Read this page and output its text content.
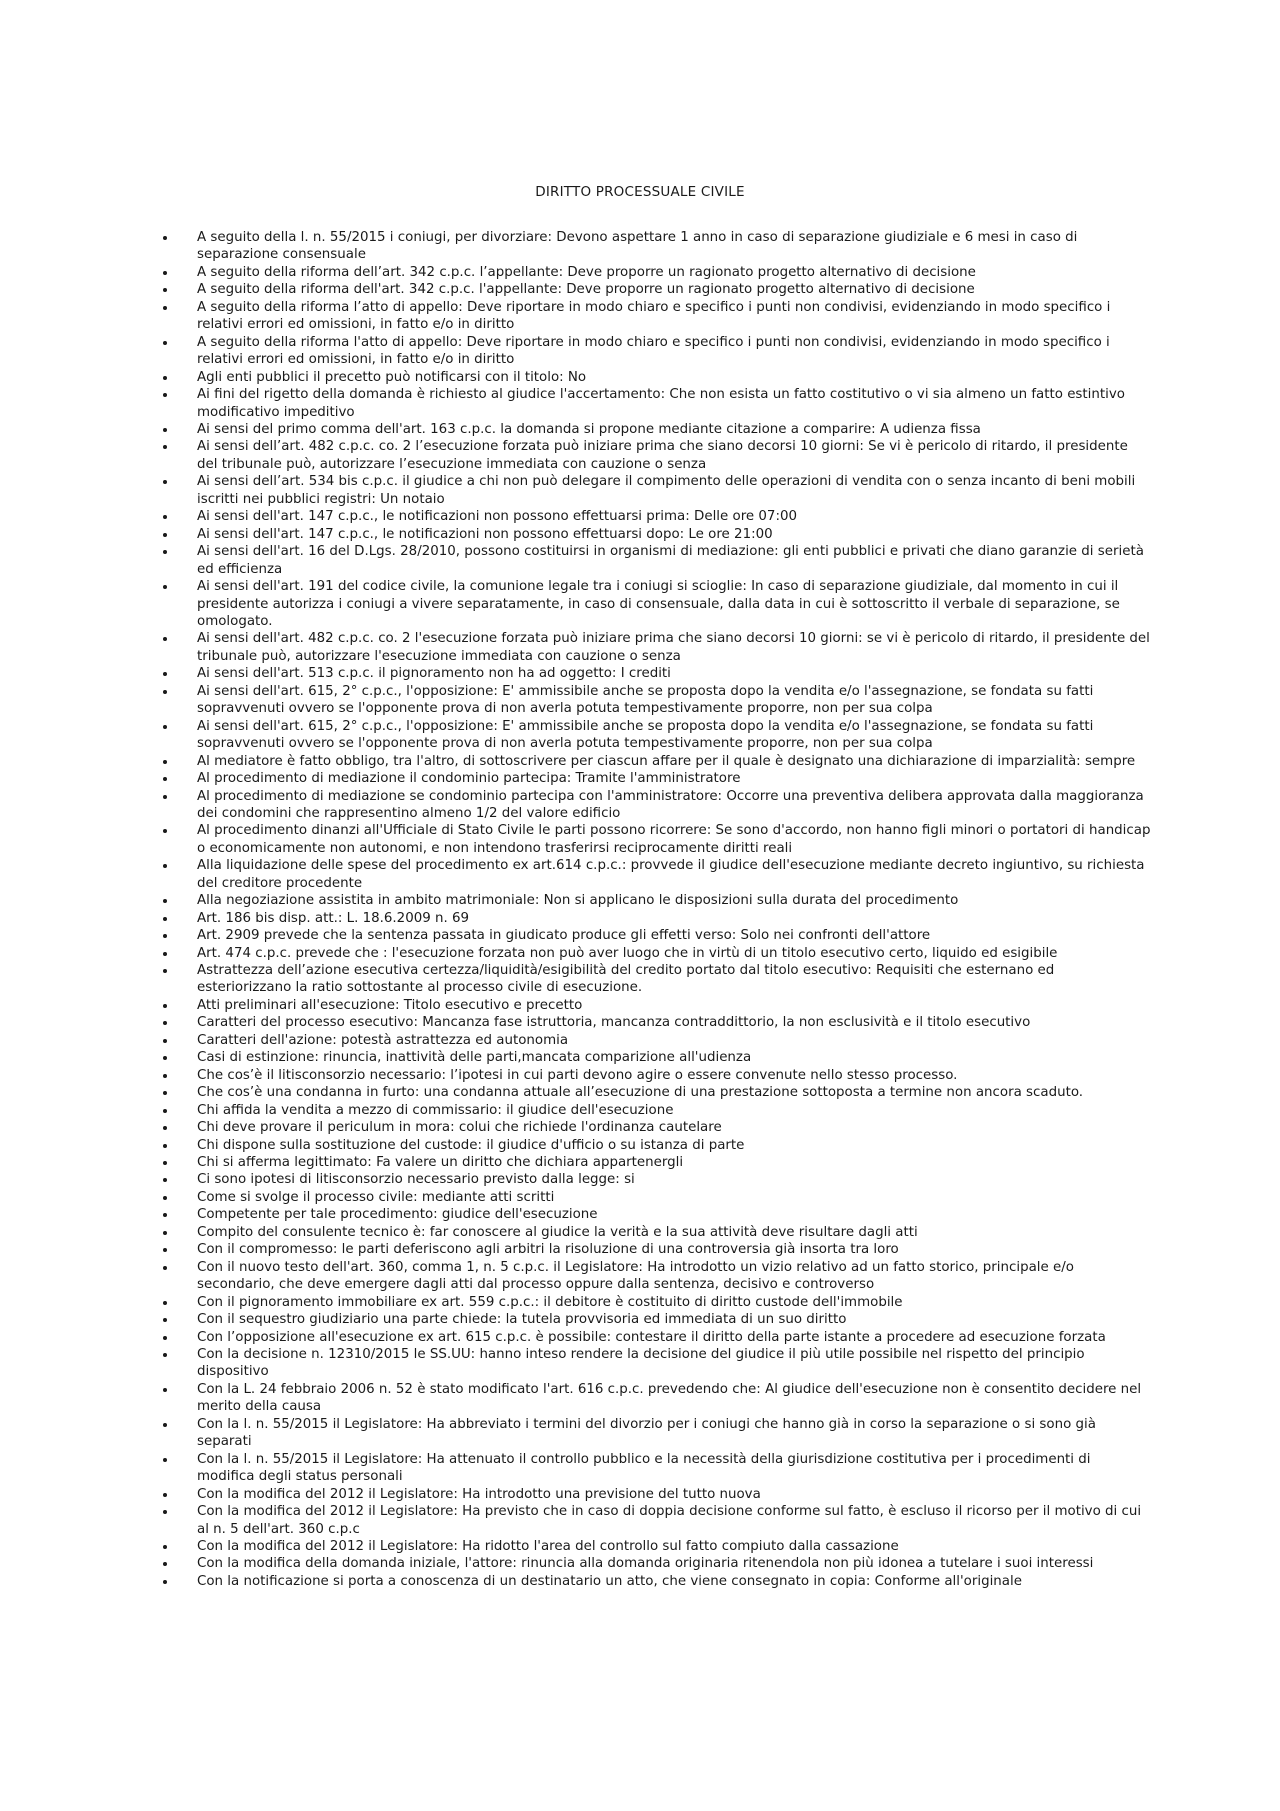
DIRITTO PROCESSUALE CIVILE
A seguito della l. n. 55/2015 i coniugi, per divorziare: Devono aspettare 1 anno in caso di separazione giudiziale e 6 mesi in caso di separazione consensuale
A seguito della riforma dell’art. 342 c.p.c. l’appellante: Deve proporre un ragionato progetto alternativo di decisione
A seguito della riforma dell'art. 342 c.p.c. l'appellante: Deve proporre un ragionato progetto alternativo di decisione
A seguito della riforma l’atto di appello: Deve riportare in modo chiaro e specifico i punti non condivisi, evidenziando in modo specifico i relativi errori ed omissioni, in fatto e/o in diritto
A seguito della riforma l'atto di appello: Deve riportare in modo chiaro e specifico i punti non condivisi, evidenziando in modo specifico i relativi errori ed omissioni, in fatto e/o in diritto
Agli enti pubblici il precetto può notificarsi con il titolo: No
Ai fini del rigetto della domanda è richiesto al giudice l'accertamento: Che non esista un fatto costitutivo o vi sia almeno un fatto estintivo modificativo impeditivo
Ai sensi del primo comma dell'art. 163 c.p.c. la domanda si propone mediante citazione a comparire: A udienza fissa
Ai sensi dell’art. 482 c.p.c. co. 2 l’esecuzione forzata può iniziare prima che siano decorsi 10 giorni: Se vi è pericolo di ritardo, il presidente del tribunale può, autorizzare l’esecuzione immediata con cauzione o senza
Ai sensi dell’art. 534 bis c.p.c. il giudice a chi non può delegare il compimento delle operazioni di vendita con o senza incanto di beni mobili iscritti nei pubblici registri: Un notaio
Ai sensi dell'art. 147 c.p.c., le notificazioni non possono effettuarsi prima: Delle ore 07:00
Ai sensi dell'art. 147 c.p.c., le notificazioni non possono effettuarsi dopo: Le ore 21:00
Ai sensi dell'art. 16 del D.Lgs. 28/2010, possono costituirsi in organismi di mediazione: gli enti pubblici e privati che diano garanzie di serietà ed efficienza
Ai sensi dell'art. 191 del codice civile, la comunione legale tra i coniugi si scioglie: In caso di separazione giudiziale, dal momento in cui il presidente autorizza i coniugi a vivere separatamente, in caso di consensuale, dalla data in cui è sottoscritto il verbale di separazione, se omologato.
Ai sensi dell'art. 482 c.p.c. co. 2 l'esecuzione forzata può iniziare prima che siano decorsi 10 giorni: se vi è pericolo di ritardo, il presidente del tribunale può, autorizzare l'esecuzione immediata con cauzione o senza
Ai sensi dell'art. 513 c.p.c. il pignoramento non ha ad oggetto: I crediti
Ai sensi dell'art. 615, 2° c.p.c., l'opposizione: E' ammissibile anche se proposta dopo la vendita e/o l'assegnazione, se fondata su fatti sopravvenuti ovvero se l'opponente prova di non averla potuta tempestivamente proporre, non per sua colpa
Ai sensi dell'art. 615, 2° c.p.c., l'opposizione: E' ammissibile anche se proposta dopo la vendita e/o l'assegnazione, se fondata su fatti sopravvenuti ovvero se l'opponente prova di non averla potuta tempestivamente proporre, non per sua colpa
Al mediatore è fatto obbligo, tra l'altro, di sottoscrivere per ciascun affare per il quale è designato una dichiarazione di imparzialità: sempre
Al procedimento di mediazione il condominio partecipa: Tramite l'amministratore
Al procedimento di mediazione se condominio partecipa con l'amministratore: Occorre una preventiva delibera approvata dalla maggioranza dei condomini che rappresentino almeno 1/2 del valore edificio
Al procedimento dinanzi all'Ufficiale di Stato Civile le parti possono ricorrere: Se sono d'accordo, non hanno figli minori o portatori di handicap o economicamente non autonomi, e non intendono trasferirsi reciprocamente diritti reali
Alla liquidazione delle spese del procedimento ex art.614 c.p.c.: provvede il giudice dell'esecuzione mediante decreto ingiuntivo, su richiesta del creditore procedente
Alla negoziazione assistita in ambito matrimoniale: Non si applicano le disposizioni sulla durata del procedimento
Art. 186 bis disp. att.: L. 18.6.2009 n. 69
Art. 2909 prevede che la sentenza passata in giudicato produce gli effetti verso: Solo nei confronti dell'attore
Art. 474 c.p.c. prevede che : l'esecuzione forzata non può aver luogo che in virtù di un titolo esecutivo certo, liquido ed esigibile
Astrattezza dell’azione esecutiva certezza/liquidità/esigibilità del credito portato dal titolo esecutivo: Requisiti che esternano ed esteriorizzano la ratio sottostante al processo civile di esecuzione.
Atti preliminari all'esecuzione: Titolo esecutivo e precetto
Caratteri del processo esecutivo: Mancanza fase istruttoria, mancanza contraddittorio, la non esclusività e il titolo esecutivo
Caratteri dell'azione: potestà astrattezza ed autonomia
Casi di estinzione: rinuncia, inattività delle parti,mancata comparizione all'udienza
Che cos’è il litisconsorzio necessario: l’ipotesi in cui parti devono agire o essere convenute nello stesso processo.
Che cos’è una condanna in furto: una condanna attuale all’esecuzione di una prestazione sottoposta a termine non ancora scaduto.
Chi affida la vendita a mezzo di commissario: il giudice dell'esecuzione
Chi deve provare il periculum in mora: colui che richiede l'ordinanza cautelare
Chi dispone sulla sostituzione del custode: il giudice d'ufficio o su istanza di parte
Chi si afferma legittimato: Fa valere un diritto che dichiara appartenergli
Ci sono ipotesi di litisconsorzio necessario previsto dalla legge: si
Come si svolge il processo civile: mediante atti scritti
Competente per tale procedimento: giudice dell'esecuzione
Compito del consulente tecnico è: far conoscere al giudice la verità e la sua attività deve risultare dagli atti
Con il compromesso: le parti deferiscono agli arbitri la risoluzione di una controversia già insorta tra loro
Con il nuovo testo dell'art. 360, comma 1, n. 5 c.p.c. il Legislatore: Ha introdotto un vizio relativo ad un fatto storico, principale e/o secondario, che deve emergere dagli atti dal processo oppure dalla sentenza, decisivo e controverso
Con il pignoramento immobiliare ex art. 559 c.p.c.: il debitore è costituito di diritto custode dell'immobile
Con il sequestro giudiziario una parte chiede: la tutela provvisoria ed immediata di un suo diritto
Con l’opposizione all'esecuzione ex art. 615 c.p.c. è possibile: contestare il diritto della parte istante a procedere ad esecuzione forzata
Con la decisione n. 12310/2015 le SS.UU: hanno inteso rendere la decisione del giudice il più utile possibile nel rispetto del principio dispositivo
Con la L. 24 febbraio 2006 n. 52 è stato modificato l'art. 616 c.p.c. prevedendo che: Al giudice dell'esecuzione non è consentito decidere nel merito della causa
Con la l. n. 55/2015 il Legislatore: Ha abbreviato i termini del divorzio per i coniugi che hanno già in corso la separazione o si sono già separati
Con la l. n. 55/2015 il Legislatore: Ha attenuato il controllo pubblico e la necessità della giurisdizione costitutiva per i procedimenti di modifica degli status personali
Con la modifica del 2012 il Legislatore: Ha introdotto una previsione del tutto nuova
Con la modifica del 2012 il Legislatore: Ha previsto che in caso di doppia decisione conforme sul fatto, è escluso il ricorso per il motivo di cui al n. 5 dell'art. 360 c.p.c
Con la modifica del 2012 il Legislatore: Ha ridotto l'area del controllo sul fatto compiuto dalla cassazione
Con la modifica della domanda iniziale, l'attore: rinuncia alla domanda originaria ritenendola non più idonea a tutelare i suoi interessi
Con la notificazione si porta a conoscenza di un destinatario un atto, che viene consegnato in copia: Conforme all'originale
